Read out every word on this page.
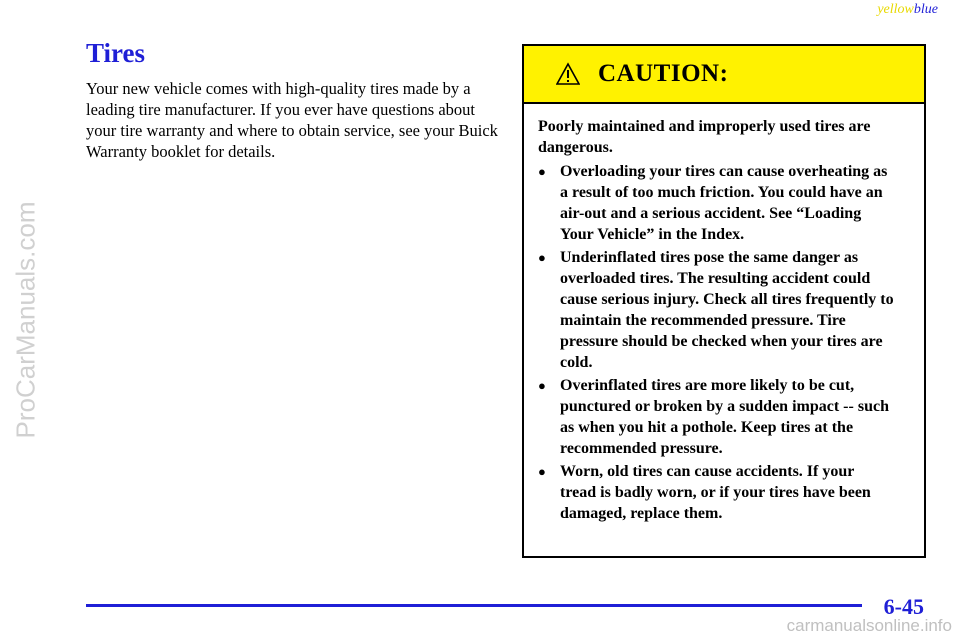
yellowblue
ProCarManuals.com
Tires

Your new vehicle comes with high-quality tires made by a leading tire manufacturer. If you ever have questions about your tire warranty and where to obtain service, see your Buick Warranty booklet for details.

CAUTION:

Poorly maintained and improperly used tires are dangerous.

● Overloading your tires can cause overheating as a result of too much friction. You could have an air-out and a serious accident. See “Loading Your Vehicle” in the Index.
● Underinflated tires pose the same danger as overloaded tires. The resulting accident could cause serious injury. Check all tires frequently to maintain the recommended pressure. Tire pressure should be checked when your tires are cold.
● Overinflated tires are more likely to be cut, punctured or broken by a sudden impact -- such as when you hit a pothole. Keep tires at the recommended pressure.
● Worn, old tires can cause accidents. If your tread is badly worn, or if your tires have been damaged, replace them.
6-45
carmanualsonline.info
